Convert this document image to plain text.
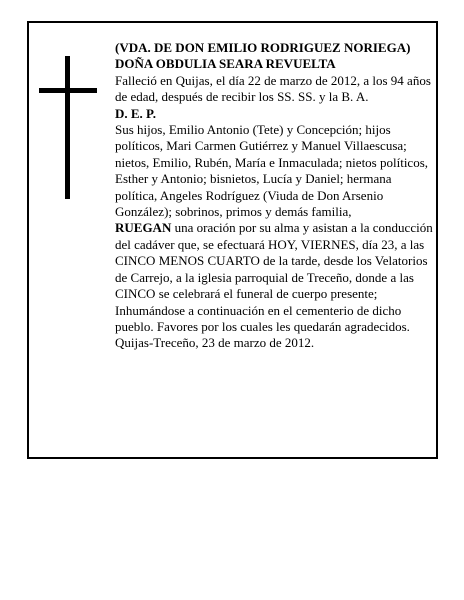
(VDA. DE DON EMILIO RODRIGUEZ NORIEGA)

DOÑA OBDULIA SEARA REVUELTA

Falleció en Quijas, el día 22 de marzo de 2012, a los 94 años de edad, después de recibir los SS. SS. y la B. A.

D. E. P.

Sus hijos, Emilio Antonio (Tete) y Concepción; hijos políticos, Mari Carmen Gutiérrez y Manuel Villaescusa; nietos, Emilio, Rubén, María e Inmaculada; nietos políticos, Esther y Antonio; bisnietos, Lucía y Daniel; hermana política, Angeles Rodríguez (Viuda de Don Arsenio González); sobrinos, primos y demás familia,

RUEGAN una oración por su alma y asistan a la conducción del cadáver que, se efectuará HOY, VIERNES, día 23, a las CINCO MENOS CUARTO de la tarde, desde los Velatorios de Carrejo, a la iglesia parroquial de Treceño, donde a las CINCO se celebrará el funeral de cuerpo presente; Inhumándose a continuación en el cementerio de dicho pueblo. Favores por los cuales les quedarán agradecidos.

Quijas-Treceño, 23 de marzo de 2012.
